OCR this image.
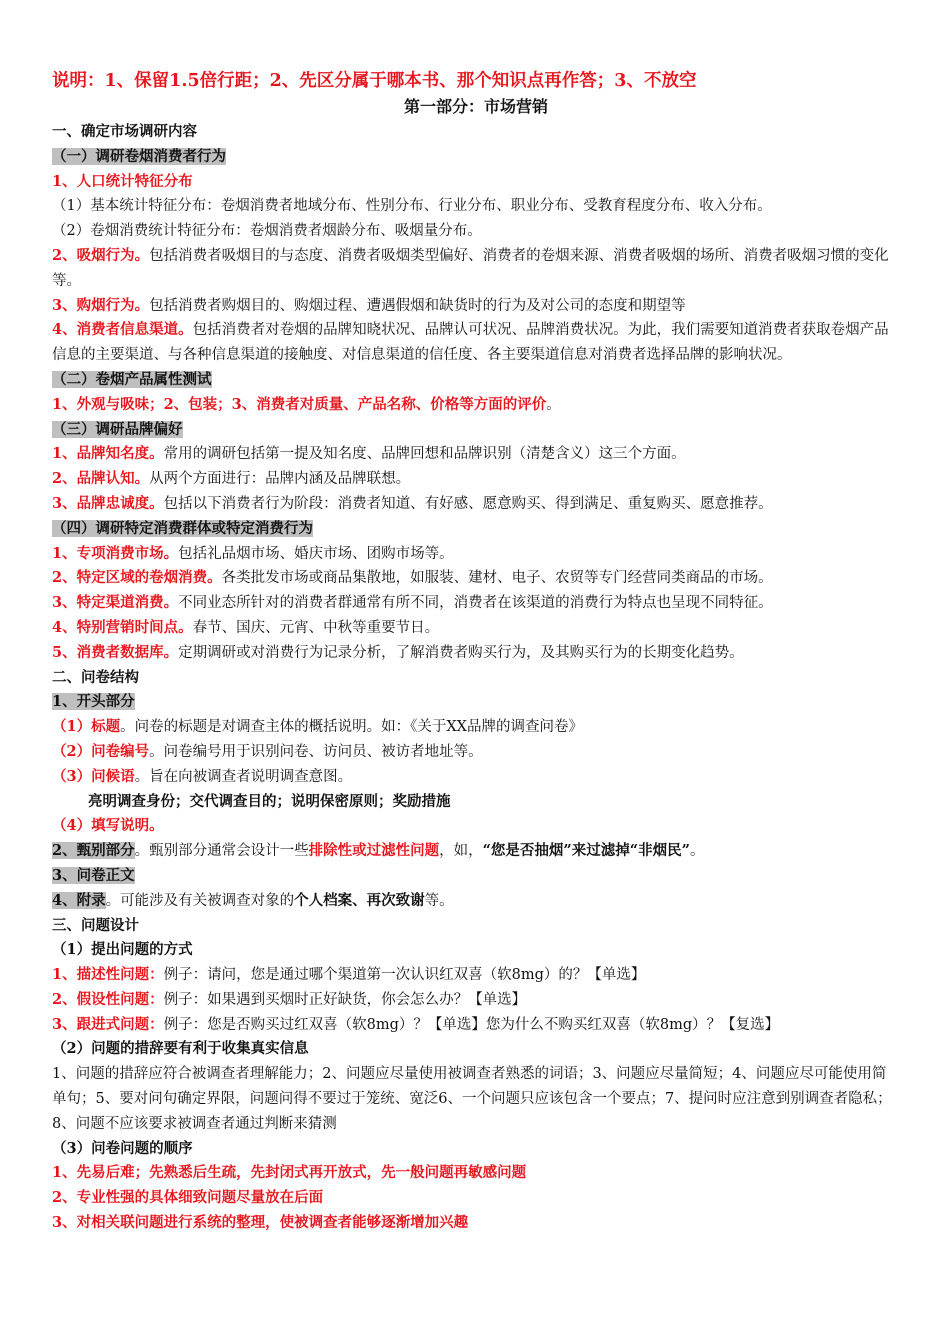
说明：1、保留1.5倍行距；2、先区分属于哪本书、那个知识点再作答；3、不放空
第一部分：市场营销
一、确定市场调研内容
（一）调研卷烟消费者行为
1、人口统计特征分布
（1）基本统计特征分布：卷烟消费者地域分布、性别分布、行业分布、职业分布、受教育程度分布、收入分布。
（2）卷烟消费统计特征分布：卷烟消费者烟龄分布、吸烟量分布。
2、吸烟行为。包括消费者吸烟目的与态度、消费者吸烟类型偏好、消费者的卷烟来源、消费者吸烟的场所、消费者吸烟习惯的变化等。
3、购烟行为。包括消费者购烟目的、购烟过程、遭遇假烟和缺货时的行为及对公司的态度和期望等
4、消费者信息渠道。包括消费者对卷烟的品牌知晓状况、品牌认可状况、品牌消费状况。为此，我们需要知道消费者获取卷烟产品信息的主要渠道、与各种信息渠道的接触度、对信息渠道的信任度、各主要渠道信息对消费者选择品牌的影响状况。
（二）卷烟产品属性测试
1、外观与吸味；2、包装；3、消费者对质量、产品名称、价格等方面的评价。
（三）调研品牌偏好
1、品牌知名度。常用的调研包括第一提及知名度、品牌回想和品牌识别（清楚含义）这三个方面。
2、品牌认知。从两个方面进行：品牌内涵及品牌联想。
3、品牌忠诚度。包括以下消费者行为阶段：消费者知道、有好感、愿意购买、得到满足、重复购买、愿意推荐。
（四）调研特定消费群体或特定消费行为
1、专项消费市场。包括礼品烟市场、婚庆市场、团购市场等。
2、特定区域的卷烟消费。各类批发市场或商品集散地，如服装、建材、电子、农贸等专门经营同类商品的市场。
3、特定渠道消费。不同业态所针对的消费者群通常有所不同，消费者在该渠道的消费行为特点也呈现不同特征。
4、特别营销时间点。春节、国庆、元宵、中秋等重要节日。
5、消费者数据库。定期调研或对消费行为记录分析，了解消费者购买行为，及其购买行为的长期变化趋势。
二、问卷结构
1、开头部分
（1）标题。问卷的标题是对调查主体的概括说明。如：《关于XX品牌的调查问卷》
（2）问卷编号。问卷编号用于识别问卷、访问员、被访者地址等。
（3）问候语。旨在向被调查者说明调查意图。
亮明调查身份；交代调查目的；说明保密原则；奖励措施
（4）填写说明。
2、甄别部分。甄别部分通常会设计一些排除性或过滤性问题，如，“您是否抽烟”来过滤掉“非烟民”。
3、问卷正文
4、附录。可能涉及有关被调查对象的个人档案、再次致谢等。
三、问题设计
（1）提出问题的方式
1、描述性问题：例子：请问，您是通过哪个渠道第一次认识红双喜（软8mg）的？【单选】
2、假设性问题：例子：如果遇到买烟时正好缺货，你会怎么办？【单选】
3、跟进式问题：例子：您是否购买过红双喜（软8mg）？【单选】您为什么不购买红双喜（软8mg）？【复选】
（2）问题的措辞要有利于收集真实信息
1、问题的措辞应符合被调查者理解能力；2、问题应尽量使用被调查者熟悉的词语；3、问题应尽量简短；4、问题应尽可能使用简单句；5、要对问句确定界限，问题问得不要过于笼统、宽泛6、一个问题只应该包含一个要点；7、提问时应注意到别调查者隐私；8、问题不应该要求被调查者通过判断来猜测
（3）问卷问题的顺序
1、先易后难；先熟悉后生疏，先封闭式再开放式，先一般问题再敏感问题
2、专业性强的具体细致问题尽量放在后面
3、对相关联问题进行系统的整理，使被调查者能够逐渐增加兴趣
